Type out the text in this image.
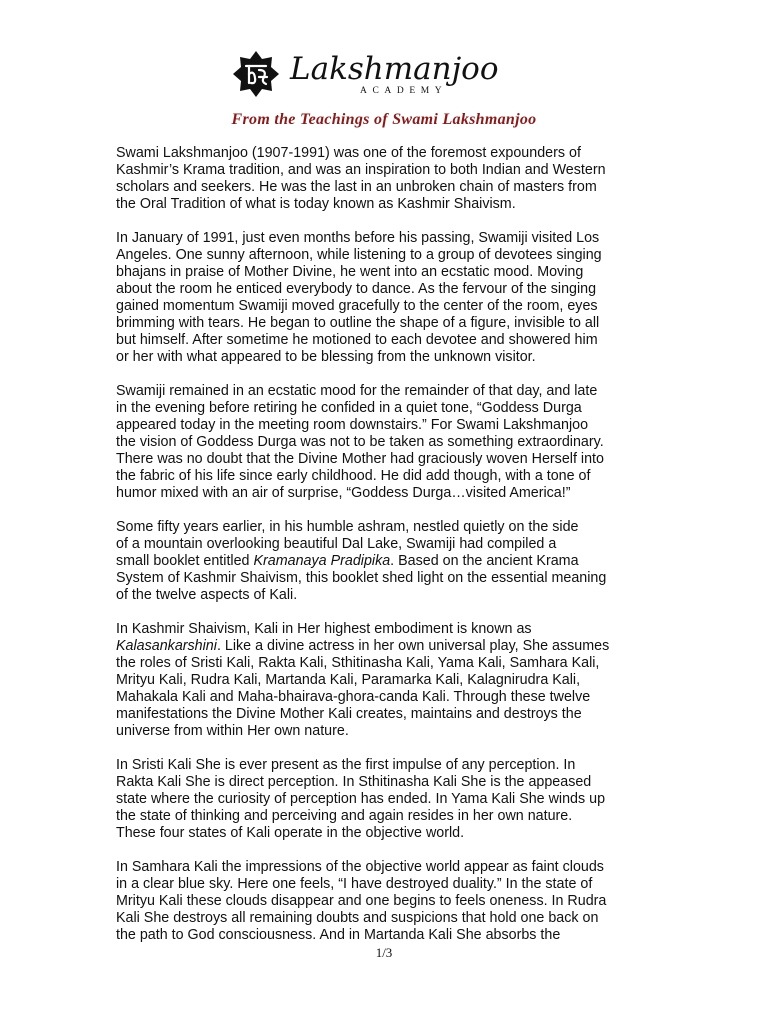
Lakshmanjoo
ACADEMY
From the Teachings of Swami Lakshmanjoo

Swami Lakshmanjoo (1907-1991) was one of the foremost expounders of
Kashmir’s Krama tradition, and was an inspiration to both Indian and Western
scholars and seekers. He was the last in an unbroken chain of masters from
the Oral Tradition of what is today known as Kashmir Shaivism.

In January of 1991, just even months before his passing, Swamiji visited Los
Angeles. One sunny afternoon, while listening to a group of devotees singing
bhajans in praise of Mother Divine, he went into an ecstatic mood. Moving
about the room he enticed everybody to dance. As the fervour of the singing
gained momentum Swamiji moved gracefully to the center of the room, eyes
brimming with tears. He began to outline the shape of a figure, invisible to all
but himself. After sometime he motioned to each devotee and showered him
or her with what appeared to be blessing from the unknown visitor.

Swamiji remained in an ecstatic mood for the remainder of that day, and late
in the evening before retiring he confided in a quiet tone, “Goddess Durga
appeared today in the meeting room downstairs.” For Swami Lakshmanjoo
the vision of Goddess Durga was not to be taken as something extraordinary.
There was no doubt that the Divine Mother had graciously woven Herself into
the fabric of his life since early childhood. He did add though, with a tone of
humor mixed with an air of surprise, “Goddess Durga…visited America!”

Some fifty years earlier, in his humble ashram, nestled quietly on the side
of a mountain overlooking beautiful Dal Lake, Swamiji had compiled a
small booklet entitled Kramanaya Pradipika. Based on the ancient Krama
System of Kashmir Shaivism, this booklet shed light on the essential meaning
of the twelve aspects of Kali.

In Kashmir Shaivism, Kali in Her highest embodiment is known as
Kalasankarshini. Like a divine actress in her own universal play, She assumes
the roles of Sristi Kali, Rakta Kali, Sthitinasha Kali, Yama Kali, Samhara Kali,
Mrityu Kali, Rudra Kali, Martanda Kali, Paramarka Kali, Kalagnirudra Kali,
Mahakala Kali and Maha-bhairava-ghora-canda Kali. Through these twelve
manifestations the Divine Mother Kali creates, maintains and destroys the
universe from within Her own nature.

In Sristi Kali She is ever present as the first impulse of any perception. In
Rakta Kali She is direct perception. In Sthitinasha Kali She is the appeased
state where the curiosity of perception has ended. In Yama Kali She winds up
the state of thinking and perceiving and again resides in her own nature.
These four states of Kali operate in the objective world.

In Samhara Kali the impressions of the objective world appear as faint clouds
in a clear blue sky. Here one feels, “I have destroyed duality.” In the state of
Mrityu Kali these clouds disappear and one begins to feels oneness. In Rudra
Kali She destroys all remaining doubts and suspicions that hold one back on
the path to God consciousness. And in Martanda Kali She absorbs the

1/3
